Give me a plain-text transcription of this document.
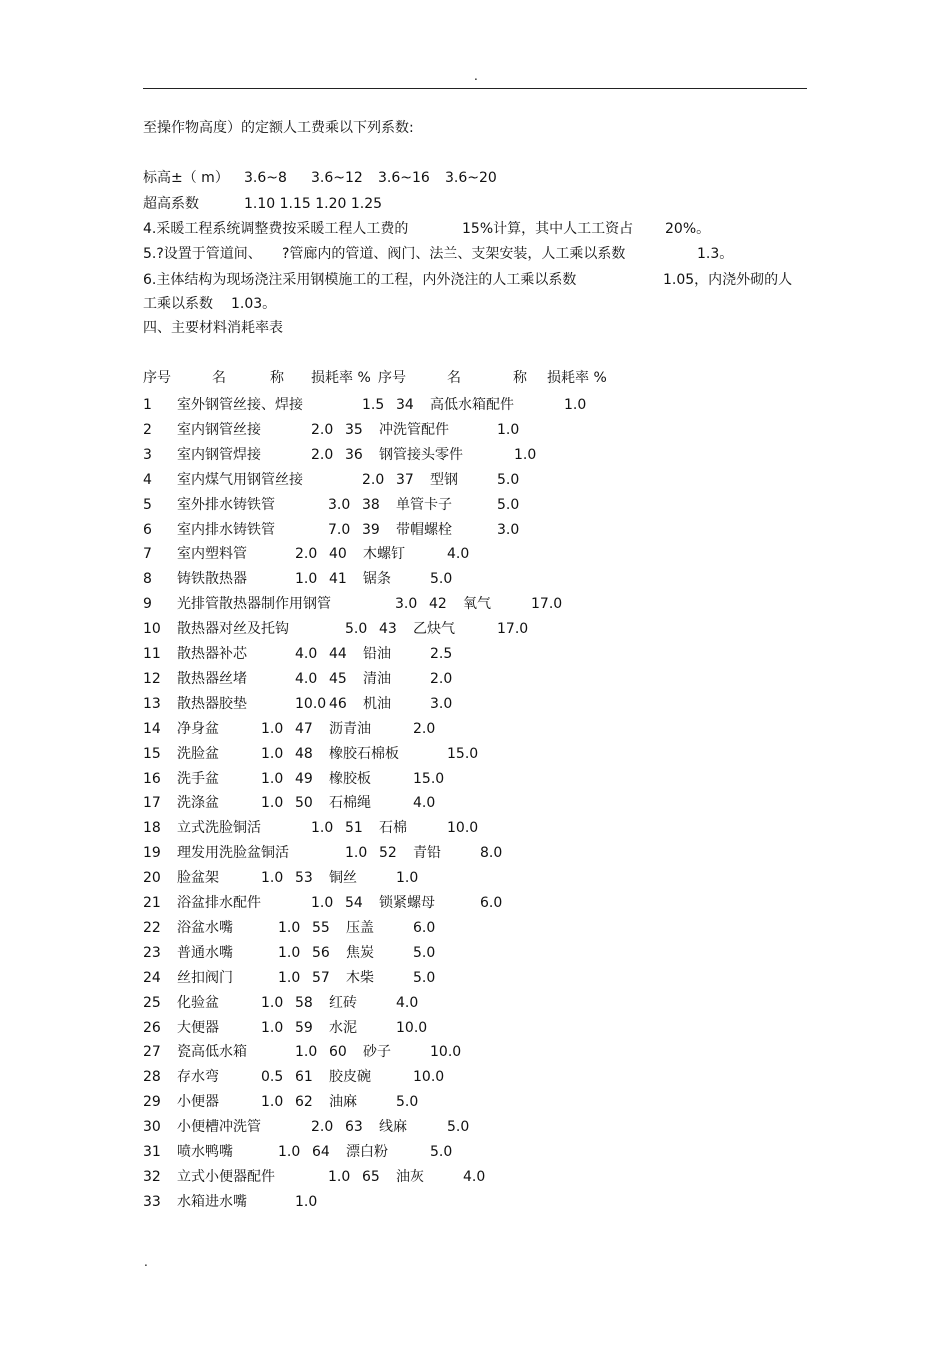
.
至操作物高度）的定额人工费乘以下列系数:
标高±（ m） 3.6~8 3.6~12 3.6~16 3.6~20
超高系数	1.10 1.15 1.20 1.25
4.采暖工程系统调整费按采暖工程人工费的	15%计算，其中人工工资占 20%。
5.?设置于管道间、 ?管廊内的管道、阀门、法兰、支架安装，人工乘以系数	1.3。
6.主体结构为现场浇注采用钢模施工的工程，内外浇注的人工乘以系数	1.05，内浇外砌的人
工乘以系数 1.03。
四、主要材料消耗率表
序号	名	称 损耗率 % 序号	名	称 损耗率 %
1 室外钢管丝接、焊接	1.5 34 高低水箱配件	1.0
2 室内钢管丝接	2.0 35 冲洗管配件	1.0
3 室内钢管焊接	2.0 36 钢管接头零件	1.0
4 室内煤气用钢管丝接	2.0 37 型钢	5.0
5 室外排水铸铁管	3.0 38 单管卡子	5.0
6 室内排水铸铁管	7.0 39 带帽螺栓	3.0
7 室内塑料管	2.0 40 木螺钉	4.0
8 铸铁散热器	1.0 41 锯条	5.0
9 光排管散热器制作用钢管	3.0 42 氧气	17.0
10 散热器对丝及托钩	5.0 43 乙炔气	17.0
11 散热器补芯	4.0 44 铅油	2.5
12 散热器丝堵	4.0 45 清油	2.0
13 散热器胶垫	10.0 46 机油	3.0
14 净身盆	1.0 47 沥青油	2.0
15 洗脸盆	1.0 48 橡胶石棉板	15.0
16 洗手盆	1.0 49 橡胶板	15.0
17 洗涤盆	1.0 50 石棉绳	4.0
18 立式洗脸铜活	1.0 51 石棉	10.0
19 理发用洗脸盆铜活	1.0 52 青铅	8.0
20 脸盆架	1.0 53 铜丝	1.0
21 浴盆排水配件	1.0 54 锁紧螺母	6.0
22 浴盆水嘴	1.0 55 压盖	6.0
23 普通水嘴	1.0 56 焦炭	5.0
24 丝扣阀门	1.0 57 木柴	5.0
25 化验盆	1.0 58 红砖	4.0
26 大便器	1.0 59 水泥	10.0
27 瓷高低水箱	1.0 60 砂子	10.0
28 存水弯	0.5 61 胶皮碗	10.0
29 小便器	1.0 62 油麻	5.0
30 小便槽冲洗管	2.0 63 线麻	5.0
31 喷水鸭嘴	1.0 64 漂白粉	5.0
32 立式小便器配件	1.0 65 油灰	4.0
33 水箱进水嘴	1.0
.
